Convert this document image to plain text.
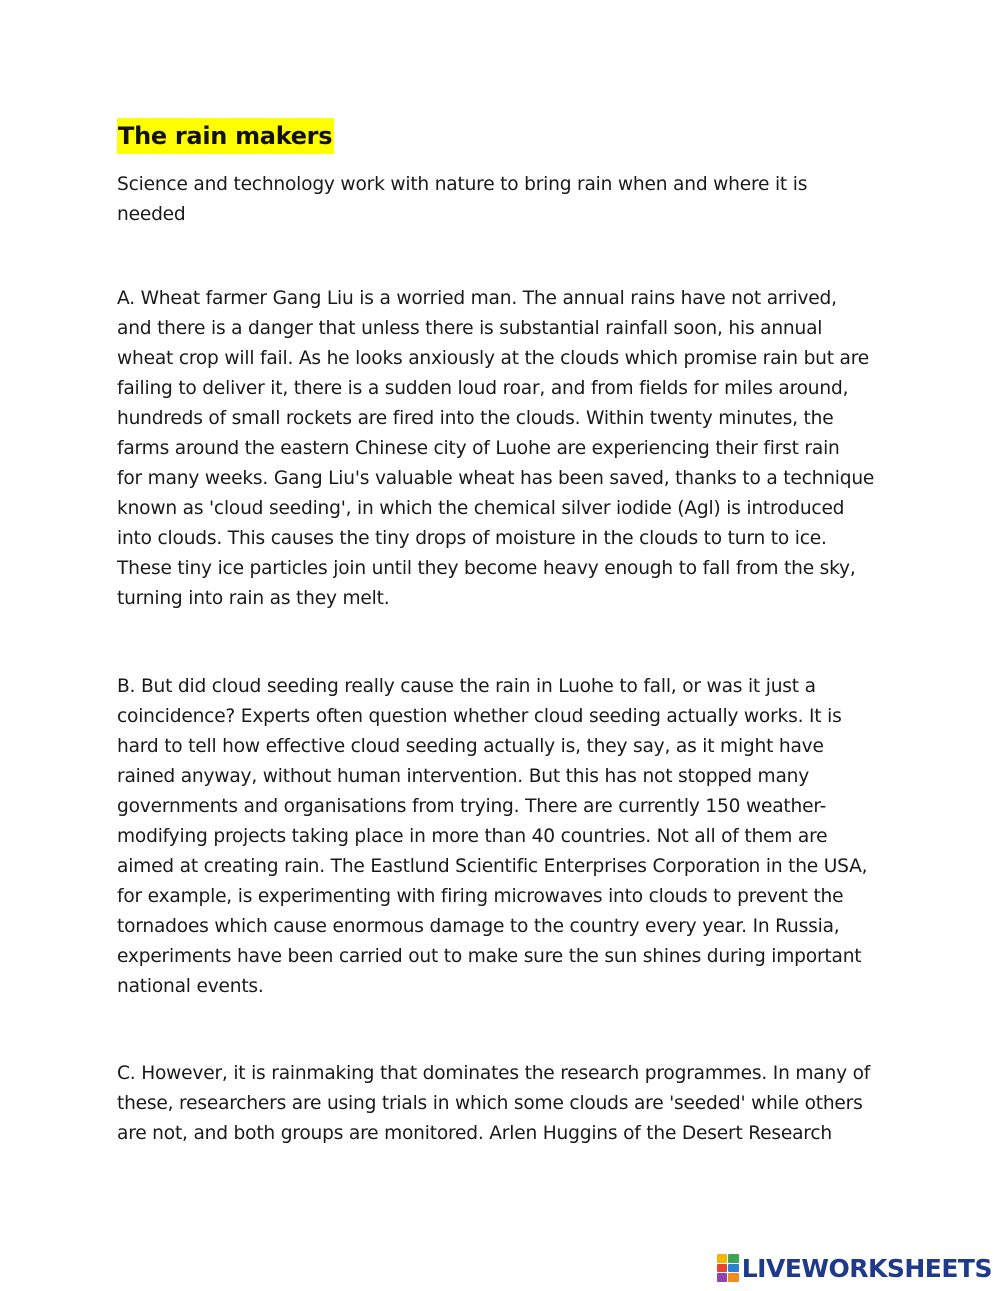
The rain makers
Science and technology work with nature to bring rain when and where it is
needed
A. Wheat farmer Gang Liu is a worried man. The annual rains have not arrived,
and there is a danger that unless there is substantial rainfall soon, his annual
wheat crop will fail. As he looks anxiously at the clouds which promise rain but are
failing to deliver it, there is a sudden loud roar, and from fields for miles around,
hundreds of small rockets are fired into the clouds. Within twenty minutes, the
farms around the eastern Chinese city of Luohe are experiencing their first rain
for many weeks. Gang Liu's valuable wheat has been saved, thanks to a technique
known as 'cloud seeding', in which the chemical silver iodide (Agl) is introduced
into clouds. This causes the tiny drops of moisture in the clouds to turn to ice.
These tiny ice particles join until they become heavy enough to fall from the sky,
turning into rain as they melt.
B. But did cloud seeding really cause the rain in Luohe to fall, or was it just a
coincidence? Experts often question whether cloud seeding actually works. It is
hard to tell how effective cloud seeding actually is, they say, as it might have
rained anyway, without human intervention. But this has not stopped many
governments and organisations from trying. There are currently 150 weather-
modifying projects taking place in more than 40 countries. Not all of them are
aimed at creating rain. The Eastlund Scientific Enterprises Corporation in the USA,
for example, is experimenting with firing microwaves into clouds to prevent the
tornadoes which cause enormous damage to the country every year. In Russia,
experiments have been carried out to make sure the sun shines during important
national events.
C. However, it is rainmaking that dominates the research programmes. In many of
these, researchers are using trials in which some clouds are 'seeded' while others
are not, and both groups are monitored. Arlen Huggins of the Desert Research
LIVEWORKSHEETS
